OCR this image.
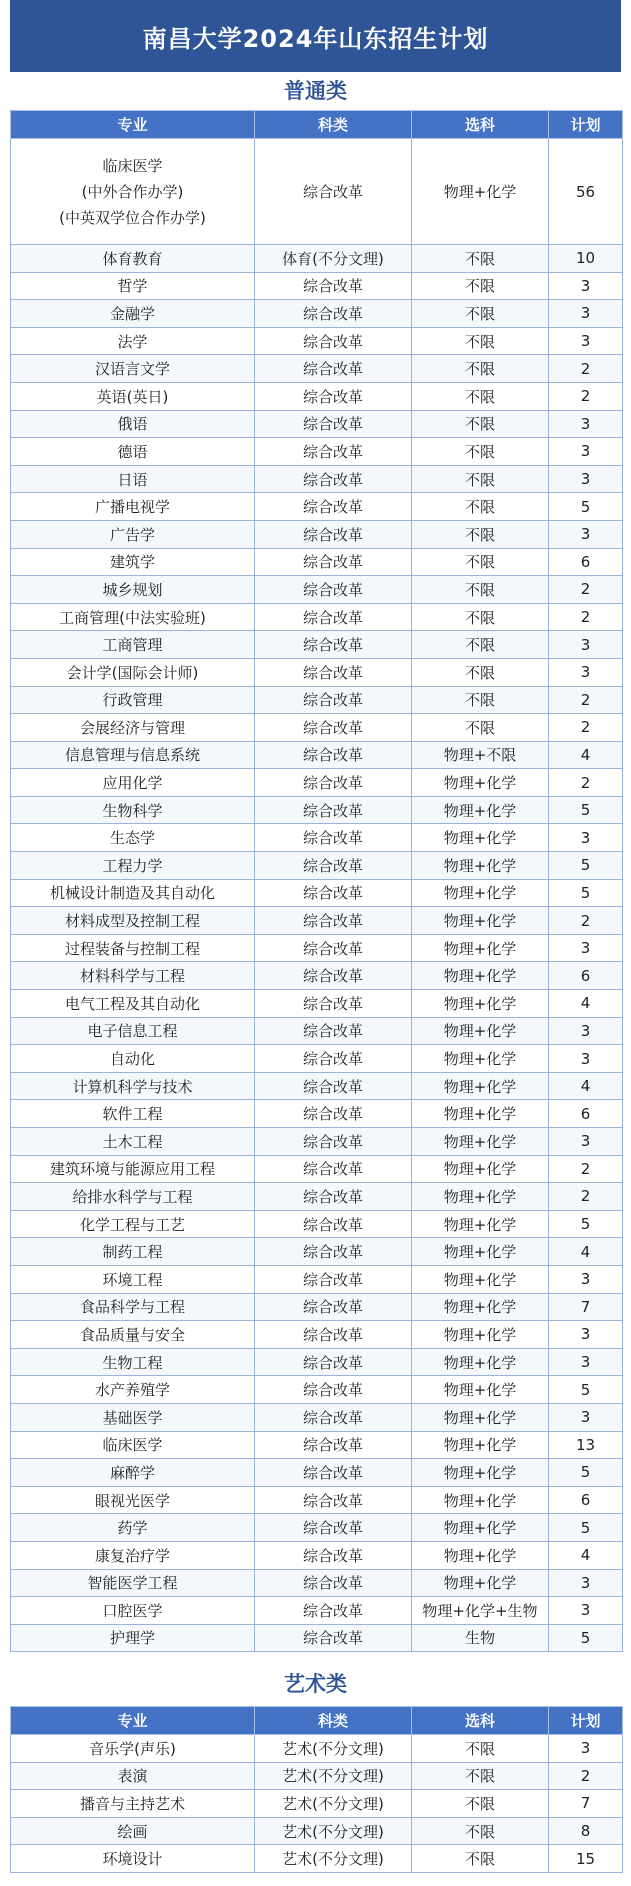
南昌大学2024年山东招生计划
普通类
专业	科类	选科	计划

临床医学
(中外合作办学)
(中英双学位合作办学)	综合改革	物理+化学	56
体育教育	体育(不分文理)	不限	10
哲学	综合改革	不限	3
金融学	综合改革	不限	3
法学	综合改革	不限	3
汉语言文学	综合改革	不限	2
英语(英日)	综合改革	不限	2
俄语	综合改革	不限	3
德语	综合改革	不限	3
日语	综合改革	不限	3
广播电视学	综合改革	不限	5
广告学	综合改革	不限	3
建筑学	综合改革	不限	6
城乡规划	综合改革	不限	2
工商管理(中法实验班)	综合改革	不限	2
工商管理	综合改革	不限	3
会计学(国际会计师)	综合改革	不限	3
行政管理	综合改革	不限	2
会展经济与管理	综合改革	不限	2
信息管理与信息系统	综合改革	物理+不限	4
应用化学	综合改革	物理+化学	2
生物科学	综合改革	物理+化学	5
生态学	综合改革	物理+化学	3
工程力学	综合改革	物理+化学	5
机械设计制造及其自动化	综合改革	物理+化学	5
材料成型及控制工程	综合改革	物理+化学	2
过程装备与控制工程	综合改革	物理+化学	3
材料科学与工程	综合改革	物理+化学	6
电气工程及其自动化	综合改革	物理+化学	4
电子信息工程	综合改革	物理+化学	3
自动化	综合改革	物理+化学	3
计算机科学与技术	综合改革	物理+化学	4
软件工程	综合改革	物理+化学	6
土木工程	综合改革	物理+化学	3
建筑环境与能源应用工程	综合改革	物理+化学	2
给排水科学与工程	综合改革	物理+化学	2
化学工程与工艺	综合改革	物理+化学	5
制药工程	综合改革	物理+化学	4
环境工程	综合改革	物理+化学	3
食品科学与工程	综合改革	物理+化学	7
食品质量与安全	综合改革	物理+化学	3
生物工程	综合改革	物理+化学	3
水产养殖学	综合改革	物理+化学	5
基础医学	综合改革	物理+化学	3
临床医学	综合改革	物理+化学	13
麻醉学	综合改革	物理+化学	5
眼视光医学	综合改革	物理+化学	6
药学	综合改革	物理+化学	5
康复治疗学	综合改革	物理+化学	4
智能医学工程	综合改革	物理+化学	3
口腔医学	综合改革	物理+化学+生物	3
护理学	综合改革	生物	5
艺术类
专业	科类	选科	计划
音乐学(声乐)	艺术(不分文理)	不限	3
表演	艺术(不分文理)	不限	2
播音与主持艺术	艺术(不分文理)	不限	7
绘画	艺术(不分文理)	不限	8
环境设计	艺术(不分文理)	不限	15
